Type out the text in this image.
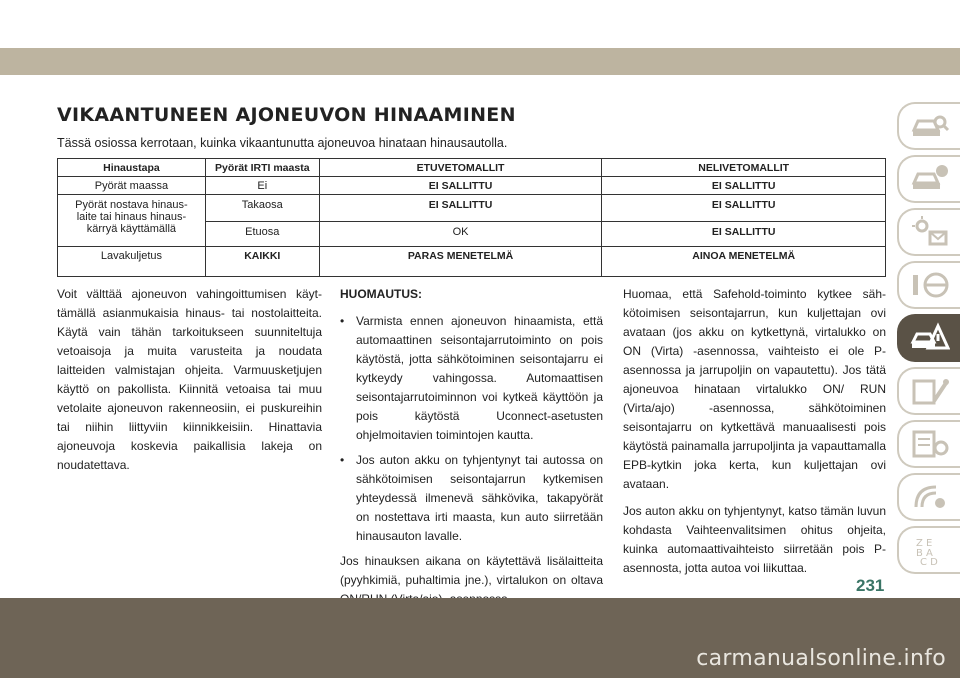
VIKAANTUNEEN AJONEUVON HINAAMINEN
Tässä osiossa kerrotaan, kuinka vikaantunutta ajoneuvoa hinataan hinausautolla.
Hinaustapa	Pyörät IRTI maasta	ETUVETOMALLIT	NELIVETOMALLIT
Pyörät maassa	Ei	EI SALLITTU	EI SALLITTU

Pyörät nostava hinaus-
laite tai hinaus hinaus-
kärryä käyttämällä	Takaosa	EI SALLITTU	EI SALLITTU
	Etuosa	OK	EI SALLITTU
Lavakuljetus	KAIKKI	PARAS MENETELMÄ	AINOA MENETELMÄ

Voit välttää ajoneuvon vahingoittumisen käyttämällä asianmukaisia hinaus- tai nostolaitteita. Käytä vain tähän tarkoitukseen suunniteltuja vetoaisoja ja muita varusteita ja noudata laitteiden valmistajan ohjeita. Varmuusketjujen käyttö on pakollista. Kiinnitä vetoaisa tai muu vetolaite ajoneuvon rakenneosiin, ei puskureihin tai niihin liittyviin kiinnikkeisiin. Hinattavia ajoneuvoja koskevia paikallisia lakeja on noudatettava.

HUOMAUTUS:

• Varmista ennen ajoneuvon hinaamista, että automaattinen seisontajarrutoiminto on pois käytöstä, jotta sähkötoiminen seisontajarru ei kytkeydy vahingossa. Automaattisen seisontajarrutoiminnon voi kytkeä käyttöön ja pois käytöstä Uconnect-asetusten ohjelmoitavien toimintojen kautta.
• Jos auton akku on tyhjentynyt tai autossa on sähkötoimisen seisontajarrun kytkemisen yhteydessä ilmenevä sähkövika, takapyörät on nostettava irti maasta, kun auto siirretään hinausauton lavalle.

Jos hinauksen aikana on käytettävä lisälaitteita (pyyhkimiä, puhaltimia jne.), virtalukon on oltava

Huomaa, että Safehold-toiminto kytkee sähkötoimisen seisontajarrun, kun kuljettajan ovi avataan (jos akku on kytkettynä, virtalukko on ON (Virta) -asennossa, vaihteisto ei ole P-asennossa ja jarrupoljin on vapautettu). Jos tätä ajoneuvoa hinataan virtalukko ON/ RUN (Virta/ajo) -asennossa, sähkötoiminen seisontajarru on kytkettävä manuaalisesti pois käytöstä painamalla jarrupoljinta ja vapauttamalla EPB-kytkin joka kerta, kun kuljettajan ovi avataan.

Jos auton akku on tyhjentynyt, katso tämän luvun kohdasta Vaihteenvalitsimen ohitus ohjeita, kuinka automaattivaihteisto siirretään pois P-asennosta, jotta autoa voi liikuttaa.

Z E
B A
C D
231
carmanualsonline.info
